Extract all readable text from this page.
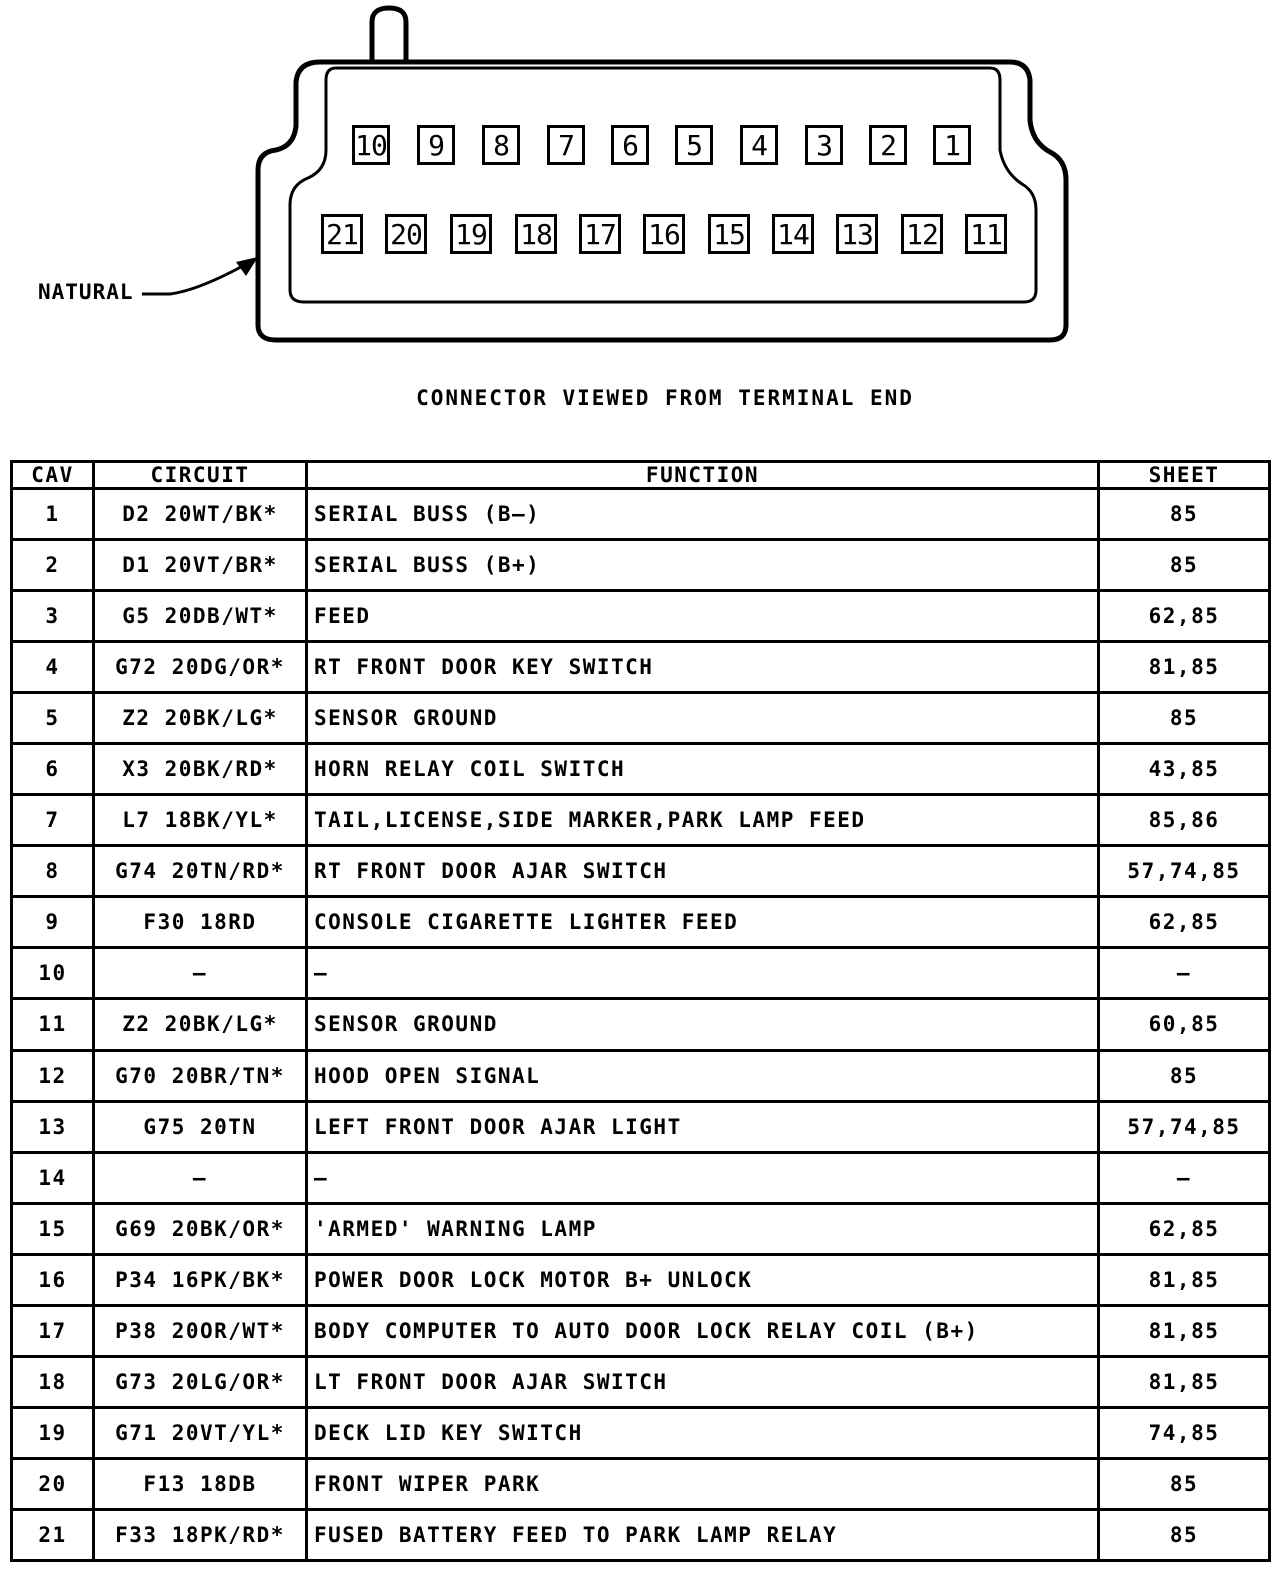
10	9	8	7	6	5	4	3	2	1
21 20 19 18 17 16 15 14 13 12 11
NATURAL
CONNECTOR VIEWED FROM TERMINAL END
CAV	CIRCUIT	FUNCTION	SHEET
1	D2 20WT/BK*	SERIAL BUSS (B–)	85
2	D1 20VT/BR*	SERIAL BUSS (B+)	85
3	G5 20DB/WT*	FEED	62,85
4	G72 20DG/OR*	RT FRONT DOOR KEY SWITCH	81,85
5	Z2 20BK/LG*	SENSOR GROUND	85
6	X3 20BK/RD*	HORN RELAY COIL SWITCH	43,85
7	L7 18BK/YL*	TAIL,LICENSE,SIDE MARKER,PARK LAMP FEED	85,86
8	G74 20TN/RD*	RT FRONT DOOR AJAR SWITCH	57,74,85
9	F30 18RD	CONSOLE CIGARETTE LIGHTER FEED	62,85
10	—	—	—
11	Z2 20BK/LG*	SENSOR GROUND	60,85
12	G70 20BR/TN*	HOOD OPEN SIGNAL	85
13	G75 20TN	LEFT FRONT DOOR AJAR LIGHT	57,74,85
14	—	—	—
15	G69 20BK/OR*	'ARMED' WARNING LAMP	62,85
16	P34 16PK/BK*	POWER DOOR LOCK MOTOR B+ UNLOCK	81,85
17	P38 20OR/WT*	BODY COMPUTER TO AUTO DOOR LOCK RELAY COIL (B+)	81,85
18	G73 20LG/OR*	LT FRONT DOOR AJAR SWITCH	81,85
19	G71 20VT/YL*	DECK LID KEY SWITCH	74,85
20	F13 18DB	FRONT WIPER PARK	85
21	F33 18PK/RD*	FUSED BATTERY FEED TO PARK LAMP RELAY	85
